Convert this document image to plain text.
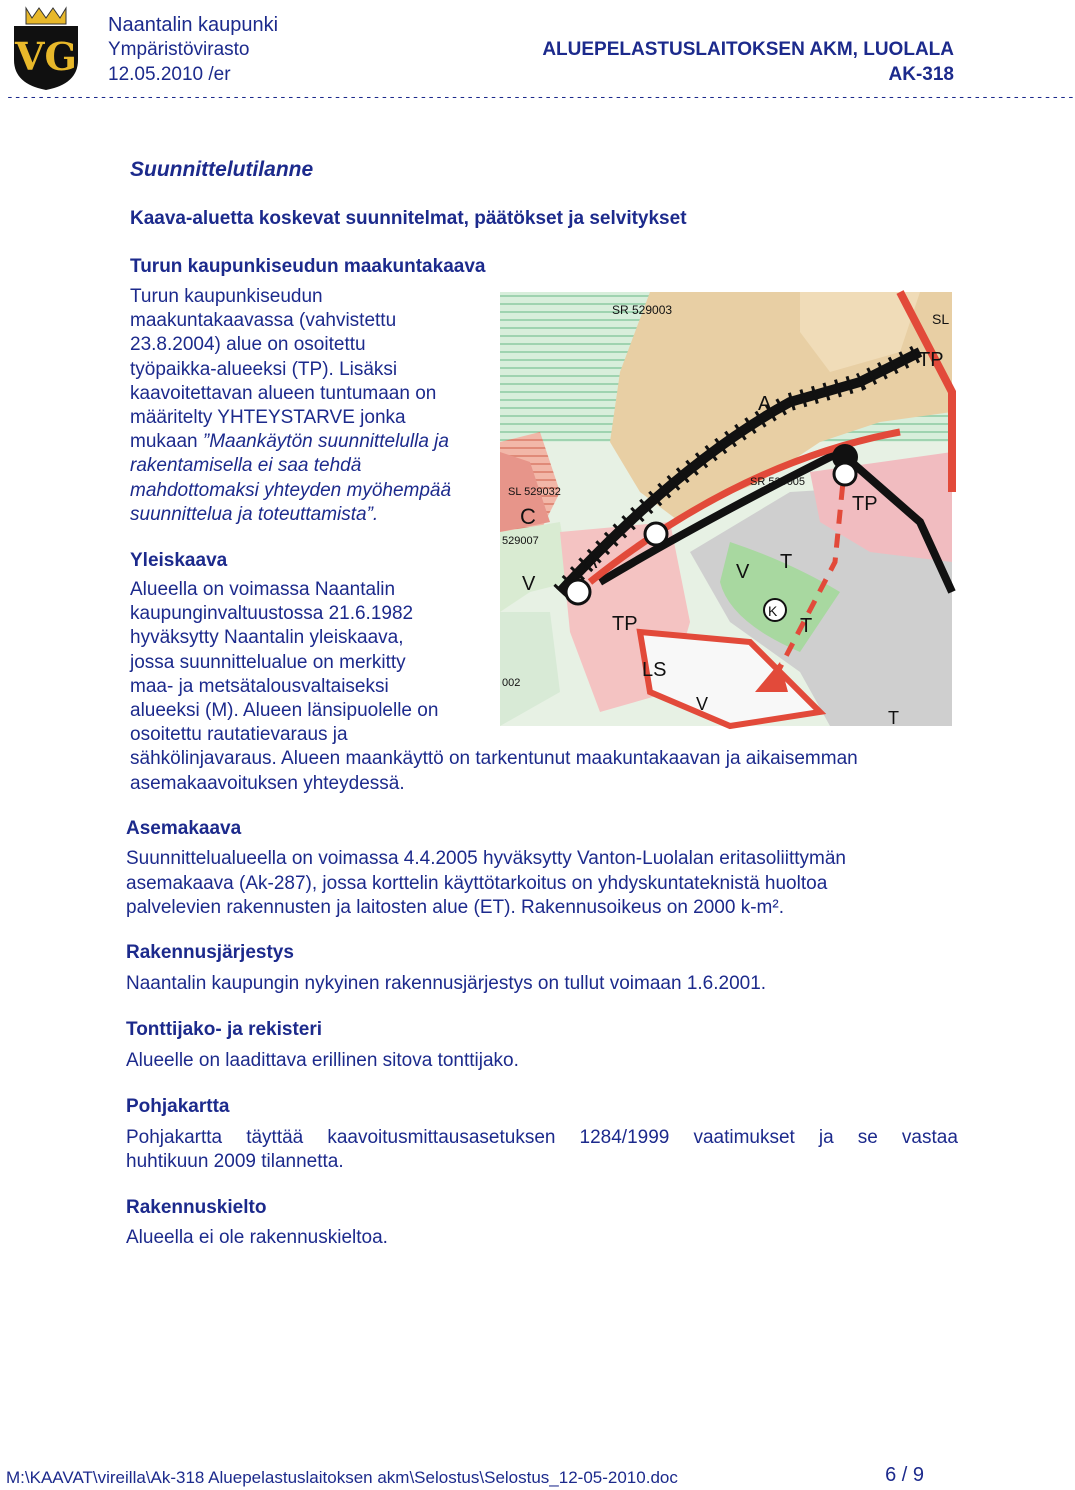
VG
Naantalin kaupunki
Ympäristövirasto
12.05.2010 /er
ALUEPELASTUSLAITOKSEN AKM, LUOLALA
AK-318
-----------------------------------------------------------------------------------------------------------------------------------------
Suunnittelutilanne
Kaava-aluetta koskevat suunnitelmat, päätökset ja selvitykset
Turun kaupunkiseudun maakuntakaava
Turun kaupunkiseudun
maakuntakaavassa (vahvistettu
23.8.2004) alue on osoitettu
työpaikka-alueeksi (TP). Lisäksi
kaavoitettavan alueen tuntumaan on
määritelty YHTEYSTARVE jonka
mukaan ”Maankäytön suunnittelulla ja
rakentamisella ei saa tehdä
mahdottomaksi yhteyden myöhempää
suunnittelua ja toteuttamista”.
Yleiskaava
Alueella on voimassa Naantalin
kaupunginvaltuustossa 21.6.1982
hyväksytty Naantalin yleiskaava,
jossa suunnittelualue on merkitty
maa- ja metsätalousvaltaiseksi
alueeksi (M). Alueen länsipuolelle on
osoitettu rautatievaraus ja
sähkölinjavaraus. Alueen maankäyttö on tarkentunut maakuntakaavan ja aikaisemman
asemakaavoituksen yhteydessä.
SR 529003
SL
TP
A
SR 529005
TP
SL 529032
C
529007
A	T
V
V
T
K
TP
LS
T
V
002
Asemakaava
Suunnittelualueella on voimassa 4.4.2005 hyväksytty Vanton-Luolalan eritasoliittymän
asemakaava (Ak-287), jossa korttelin käyttötarkoitus on yhdyskuntateknistä huoltoa
palvelevien rakennusten ja laitosten alue (ET). Rakennusoikeus on 2000 k-m².
Rakennusjärjestys
Naantalin kaupungin nykyinen rakennusjärjestys on tullut voimaan 1.6.2001.
Tonttijako- ja rekisteri
Alueelle on laadittava erillinen sitova tonttijako.
Pohjakartta
Pohjakartta täyttää kaavoitusmittausasetuksen 1284/1999 vaatimukset ja se vastaa
huhtikuun 2009 tilannetta.
Rakennuskielto
Alueella ei ole rakennuskieltoa.
M:\KAAVAT\vireilla\Ak-318 Aluepelastuslaitoksen akm\Selostus\Selostus_12-05-2010.doc	6 / 9
